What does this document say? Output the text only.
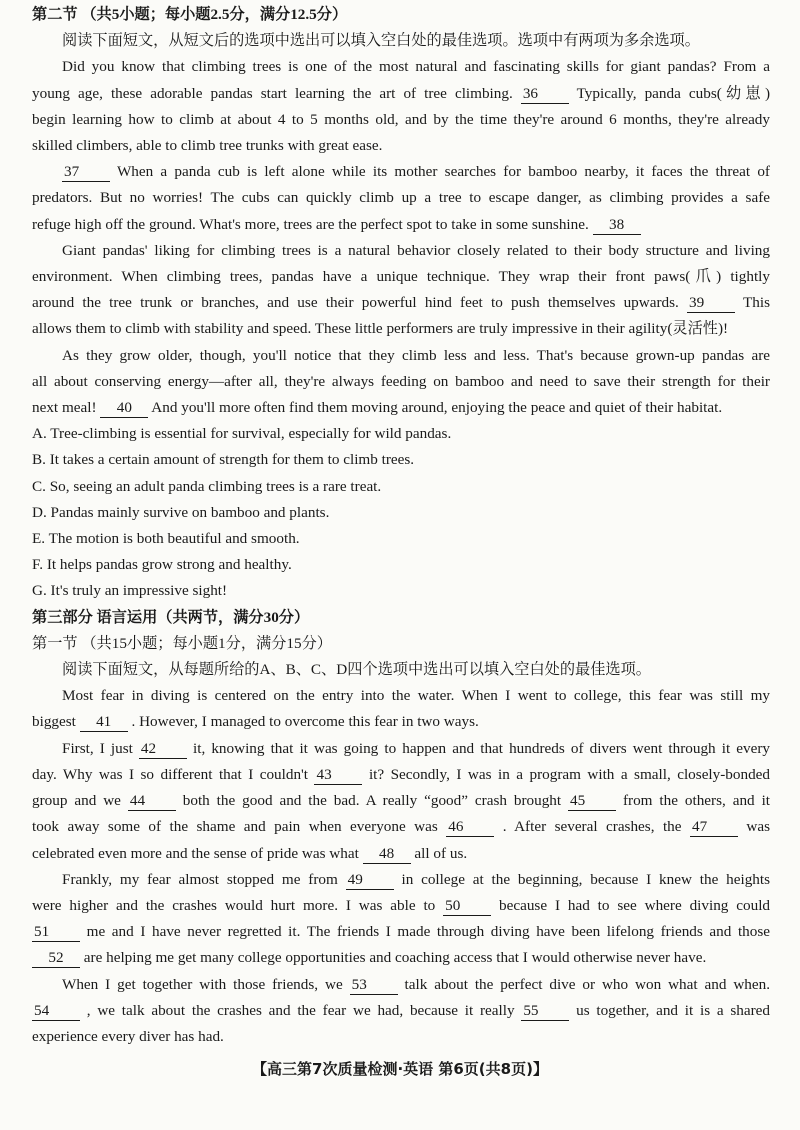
第二节 （共5小题；每小题2.5分，满分12.5分）
阅读下面短文，从短文后的选项中选出可以填入空白处的最佳选项。选项中有两项为多余选项。
Did you know that climbing trees is one of the most natural and fascinating skills for giant pandas? From a
young age, these adorable pandas start learning the art of tree climbing. 36	Typically, panda cubs(幼崽)
begin learning how to climb at about 4 to 5 months old, and by the time they're around 6 months, they're already
skilled climbers, able to climb tree trunks with great ease.
37 When a panda cub is left alone while its mother searches for bamboo nearby, it faces the threat of
predators. But no worries! The cubs can quickly climb up a tree to escape danger, as climbing provides a safe
refuge high off the ground. What's more, trees are the perfect spot to take in some sunshine. 38
Giant pandas' liking for climbing trees is a natural behavior closely related to their body structure and living
environment. When climbing trees, pandas have a unique technique. They wrap their front paws(爪) tightly
around the tree trunk or branches, and use their powerful hind feet to push themselves upwards. 39	This
allows them to climb with stability and speed. These little performers are truly impressive in their agility(灵活性)!
As they grow older, though, you'll notice that they climb less and less. That's because grown-up pandas are
all about conserving energy—after all, they're always feeding on bamboo and need to save their strength for their
next meal! 40 And you'll more often find them moving around, enjoying the peace and quiet of their habitat.
A. Tree-climbing is essential for survival, especially for wild pandas.
B. It takes a certain amount of strength for them to climb trees.
C. So, seeing an adult panda climbing trees is a rare treat.
D. Pandas mainly survive on bamboo and plants.
E. The motion is both beautiful and smooth.
F. It helps pandas grow strong and healthy.
G. It's truly an impressive sight!
第三部分 语言运用（共两节，满分30分）
第一节 （共15小题；每小题1分，满分15分）
阅读下面短文，从每题所给的A、B、C、D四个选项中选出可以填入空白处的最佳选项。
Most fear in diving is centered on the entry into the water. When I went to college, this fear was still my
biggest 41 . However, I managed to overcome this fear in two ways.
First, I just 42 it, knowing that it was going to happen and that hundreds of divers went through it every
day. Why was I so different that I couldn't 43 it? Secondly, I was in a program with a small, closely-bonded
group and we 44 both the good and the bad. A really “good” crash brought 45 from the others, and it
took away some of the shame and pain when everyone was 46	. After several crashes, the 47	was
celebrated even more and the sense of pride was what 48 all of us.
Frankly, my fear almost stopped me from 49	in college at the beginning, because I knew the heights
were higher and the crashes would hurt more. I was able to 50	because I had to see where diving could
51 me and I have never regretted it. The friends I made through diving have been lifelong friends and those
52 are helping me get many college opportunities and coaching access that I would otherwise never have.
When I get together with those friends, we 53 talk about the perfect dive or who won what and when.
54 , we talk about the crashes and the fear we had, because it really 55 us together, and it is a shared
experience every diver has had.
【高三第7次质量检测·英语 第6页(共8页)】
